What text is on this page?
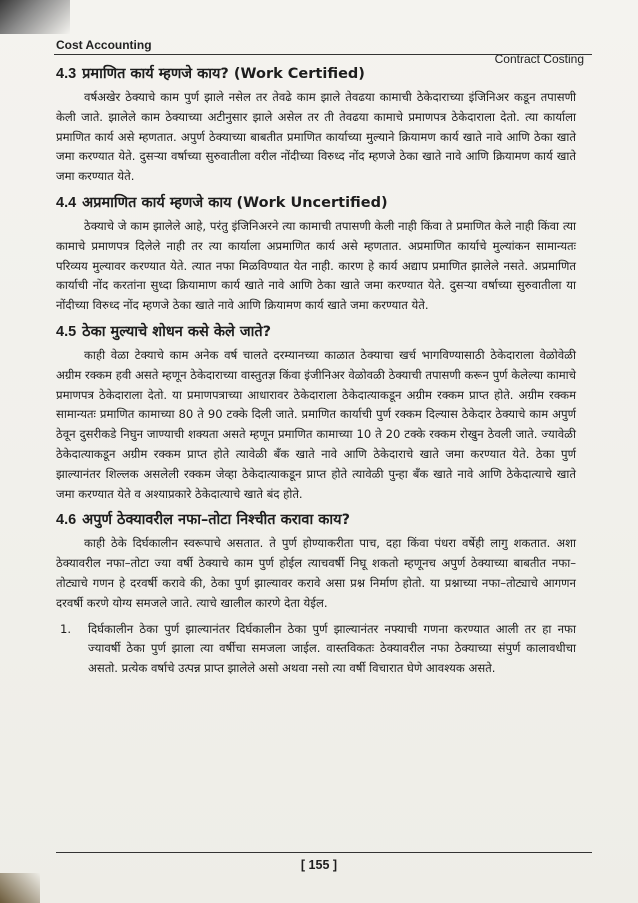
Cost Accounting
Contract Costing
4.3 प्रमाणित कार्य म्हणजे काय? (Work Certified)

वर्षअखेर ठेक्याचे काम पुर्ण झाले नसेल तर तेवढे काम झाले तेवढया कामाची ठेकेदाराच्या इंजिनिअर कडून तपासणी केली जाते. झालेले काम ठेक्याच्या अटीनुसार झाले असेल तर ती तेवढया कामाचे प्रमाणपत्र ठेकेदाराला देतो. त्या कार्याला प्रमाणित कार्य असे म्हणतात. अपुर्ण ठेक्याच्या बाबतीत प्रमाणित कार्याच्या मुल्याने क्रियामण कार्य खाते नावे आणि ठेका खाते जमा करण्यात येते. दुसऱ्या वर्षाच्या सुरुवातीला वरील नोंदीच्या विरुध्द नोंद म्हणजे ठेका खाते नावे आणि क्रियामण कार्य खाते जमा करण्यात येते.

4.4 अप्रमाणित कार्य म्हणजे काय (Work Uncertified)

ठेक्याचे जे काम झालेले आहे, परंतु इंजिनिअरने त्या कामाची तपासणी केली नाही किंवा ते प्रमाणित केले नाही किंवा त्या कामाचे प्रमाणपत्र दिलेले नाही तर त्या कार्याला अप्रमाणित कार्य असे म्हणतात. अप्रमाणित कार्याचे मुल्यांकन सामान्यतः परिव्यय मुल्यावर करण्यात येते. त्यात नफा मिळविण्यात येत नाही. कारण हे कार्य अद्याप प्रमाणित झालेले नसते. अप्रमाणित कार्याची नोंद करतांना सुध्दा क्रियामाण कार्य खाते नावे आणि ठेका खाते जमा करण्यात येते. दुसऱ्या वर्षाच्या सुरुवातीला या नोंदीच्या विरुध्द नोंद म्हणजे ठेका खाते नावे आणि क्रियामण कार्य खाते जमा करण्यात येते.

4.5 ठेका मुल्याचे शोधन कसे केले जाते?

काही वेळा टेक्याचे काम अनेक वर्ष चालते दरम्यानच्या काळात ठेक्याचा खर्च भागविण्यासाठी ठेकेदाराला वेळोवेळी अग्रीम रक्कम हवी असते म्हणून ठेकेदाराच्या वास्तुतज्ञ किंवा इंजीनिअर वेळोवळी ठेक्याची तपासणी करून पुर्ण केलेल्या कामाचे प्रमाणपत्र ठेकेदाराला देतो. या प्रमाणपत्राच्या आधारावर ठेकेदाराला ठेकेदात्याकडून अग्रीम रक्कम प्राप्त होते. अग्रीम रक्कम सामान्यतः प्रमाणित कामाच्या 80 ते 90 टक्के दिली जाते. प्रमाणित कार्याची पुर्ण रक्कम दिल्यास ठेकेदार ठेक्याचे काम अपुर्ण ठेवून दुसरीकडे निघुन जाण्याची शक्यता असते म्हणून प्रमाणित कामाच्या 10 ते 20 टक्के रक्कम रोखुन ठेवली जाते. ज्यावेळी ठेकेदात्याकडून अग्रीम रक्कम प्राप्त होते त्यावेळी बँक खाते नावे आणि ठेकेदाराचे खाते जमा करण्यात येते. ठेका पुर्ण झाल्यानंतर शिल्लक असलेली रक्कम जेव्हा ठेकेदात्याकडून प्राप्त होते त्यावेळी पुन्हा बँक खाते नावे आणि ठेकेदात्याचे खाते जमा करण्यात येते व अश्याप्रकारे ठेकेदात्याचे खाते बंद होते.

4.6 अपुर्ण ठेक्यावरील नफा–तोटा निश्चीत करावा काय?

काही ठेके दिर्घकालीन स्वरूपाचे असतात. ते पुर्ण होण्याकरीता पाच, दहा किंवा पंधरा वर्षेही लागु शकतात. अशा ठेक्यावरील नफा–तोटा ज्या वर्षी ठेक्याचे काम पुर्ण होईल त्याचवर्षी निघू शकतो म्हणूनच अपुर्ण ठेक्याच्या बाबतीत नफा–तोट्याचे गणन हे दरवर्षी करावे की, ठेका पुर्ण झाल्यावर करावे असा प्रश्न निर्माण होतो. या प्रश्नाच्या नफा–तोट्याचे आगणन दरवर्षी करणे योग्य समजले जाते. त्याचे खालील कारणे देता येईल.

1. दिर्घकालीन ठेका पुर्ण झाल्यानंतर दिर्घकालीन ठेका पुर्ण झाल्यानंतर नफ्याची गणना करण्यात आली तर हा नफा ज्यावर्षी ठेका पुर्ण झाला त्या वर्षीचा समजला जाईल. वास्तविकतः ठेक्यावरील नफा ठेक्याच्या संपुर्ण कालावधीचा असतो. प्रत्येक वर्षाचे उत्पन्न प्राप्त झालेले असो अथवा नसो त्या वर्षी विचारात घेणे आवश्यक असते.
[ 155 ]
